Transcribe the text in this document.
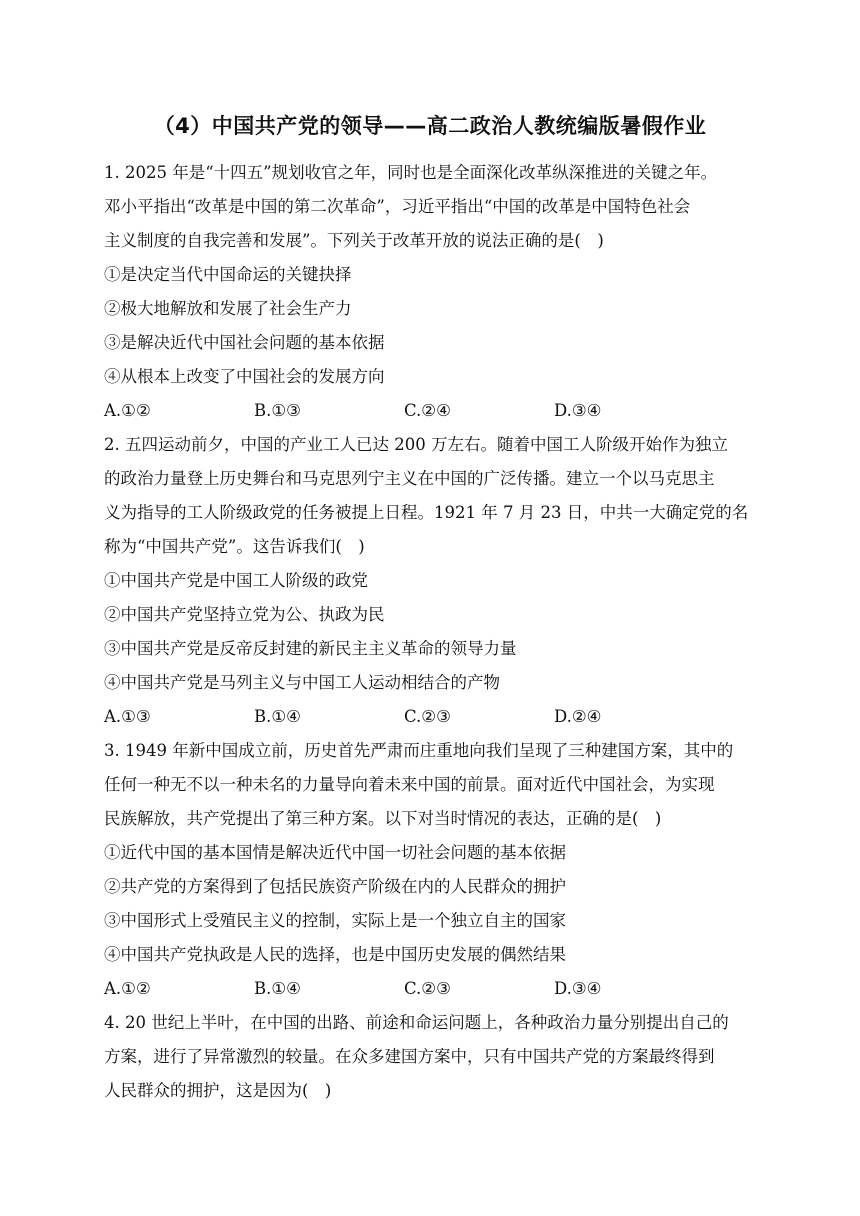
（4）中国共产党的领导——高二政治人教统编版暑假作业
1. 2025 年是“十四五”规划收官之年，同时也是全面深化改革纵深推进的关键之年。
邓小平指出“改革是中国的第二次革命”，习近平指出“中国的改革是中国特色社会
主义制度的自我完善和发展”。下列关于改革开放的说法正确的是(　)
①是决定当代中国命运的关键抉择
②极大地解放和发展了社会生产力
③是解决近代中国社会问题的基本依据
④从根本上改变了中国社会的发展方向
A.①②	B.①③	C.②④	D.③④
2. 五四运动前夕，中国的产业工人已达 200 万左右。随着中国工人阶级开始作为独立
的政治力量登上历史舞台和马克思列宁主义在中国的广泛传播。建立一个以马克思主
义为指导的工人阶级政党的任务被提上日程。1921 年 7 月 23 日，中共一大确定党的名
称为“中国共产党”。这告诉我们(　)
①中国共产党是中国工人阶级的政党
②中国共产党坚持立党为公、执政为民
③中国共产党是反帝反封建的新民主主义革命的领导力量
④中国共产党是马列主义与中国工人运动相结合的产物
A.①③	B.①④	C.②③	D.②④
3. 1949 年新中国成立前，历史首先严肃而庄重地向我们呈现了三种建国方案，其中的
任何一种无不以一种未名的力量导向着未来中国的前景。面对近代中国社会，为实现
民族解放，共产党提出了第三种方案。以下对当时情况的表达，正确的是(　)
①近代中国的基本国情是解决近代中国一切社会问题的基本依据
②共产党的方案得到了包括民族资产阶级在内的人民群众的拥护
③中国形式上受殖民主义的控制，实际上是一个独立自主的国家
④中国共产党执政是人民的选择，也是中国历史发展的偶然结果
A.①②	B.①④	C.②③	D.③④
4. 20 世纪上半叶，在中国的出路、前途和命运问题上，各种政治力量分别提出自己的
方案，进行了异常激烈的较量。在众多建国方案中，只有中国共产党的方案最终得到
人民群众的拥护，这是因为(　)
